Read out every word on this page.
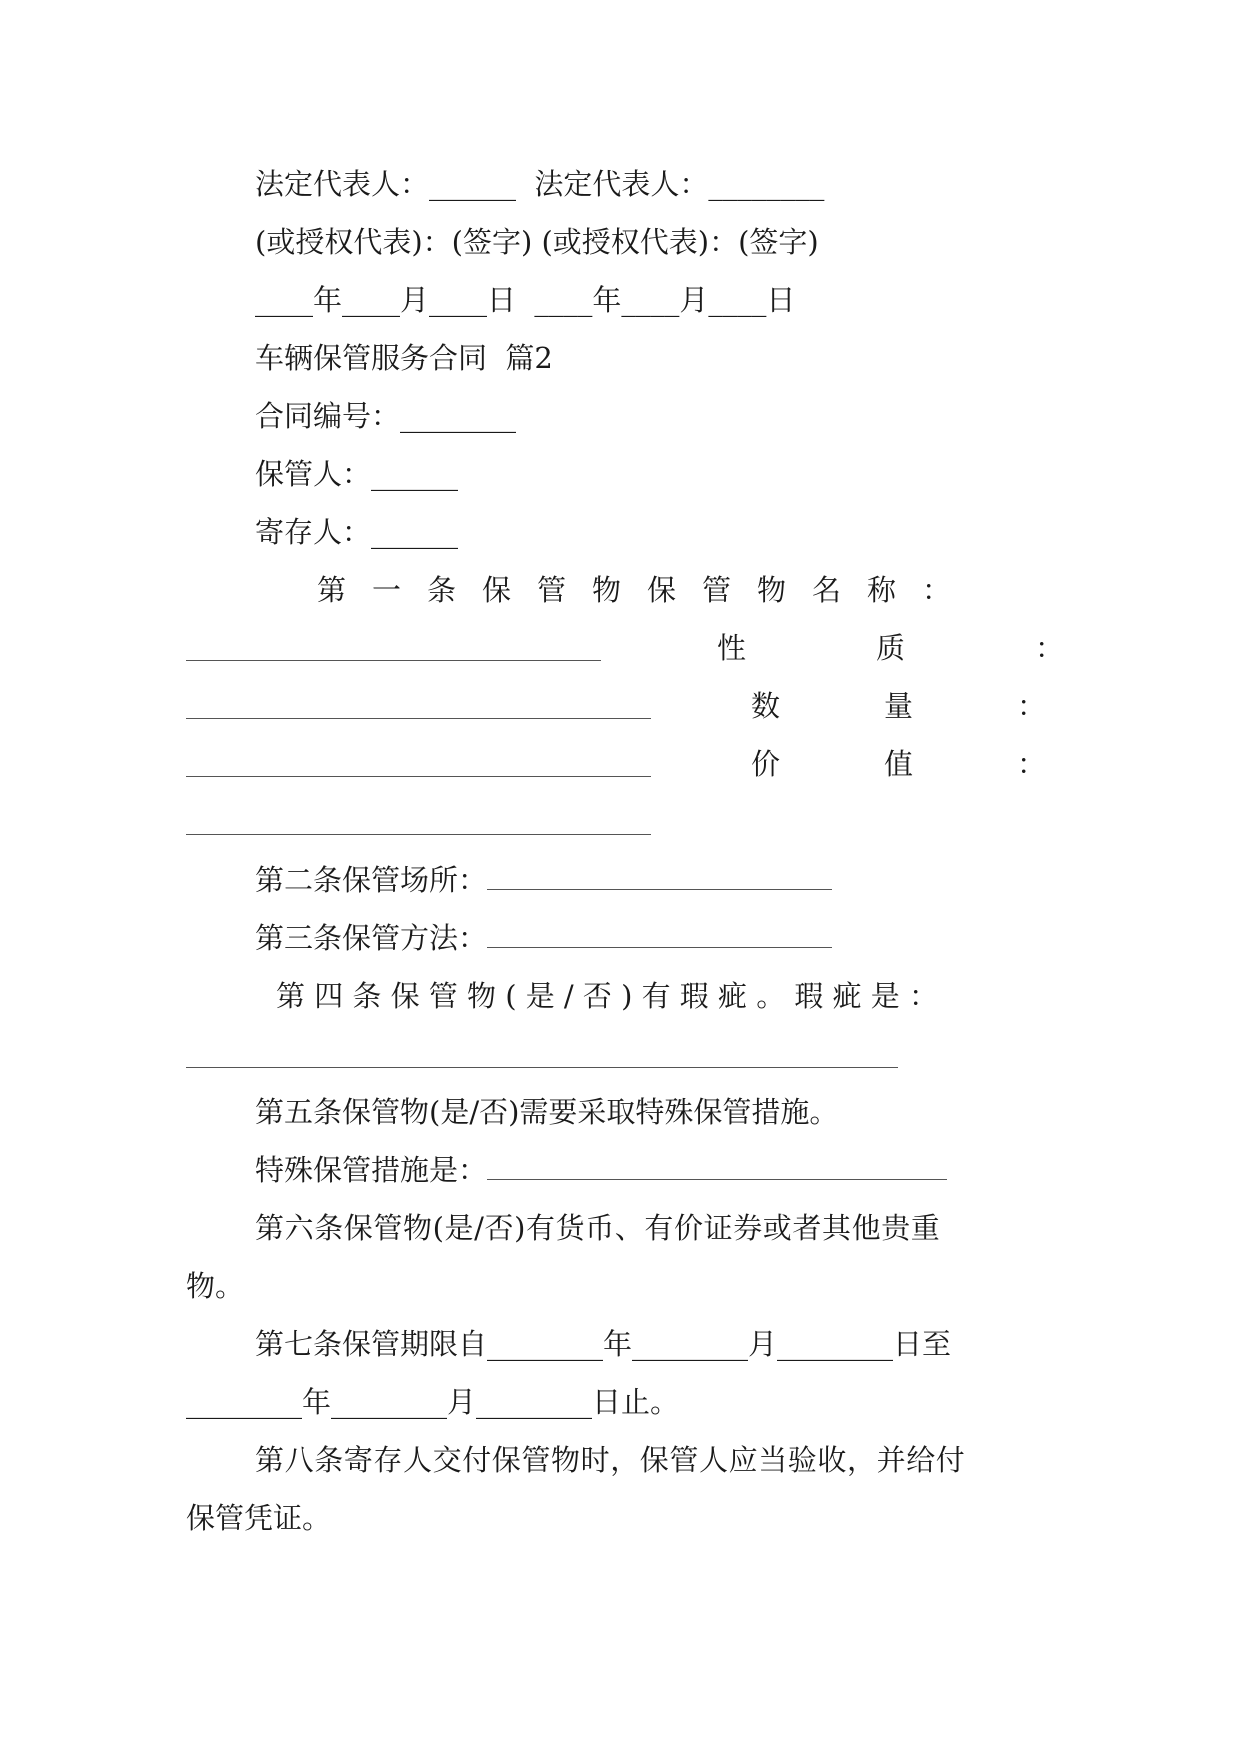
法定代表人：______  法定代表人：________
(或授权代表)：(签字) (或授权代表)：(签字)
____年____月____日  ____年____月____日
车辆保管服务合同  篇2
合同编号：________
保管人：______
寄存人：______
第一条保管物保管物名称：
性质：
数量：
价值：
第二条保管场所：
第三条保管方法：
第四条保管物(是/否)有瑕疵。瑕疵是：
第五条保管物(是/否)需要采取特殊保管措施。
特殊保管措施是：
第六条保管物(是/否)有货币、有价证券或者其他贵重
物。
第七条保管期限自________年________月________日至
________年________月________日止。
第八条寄存人交付保管物时，保管人应当验收，并给付
保管凭证。
